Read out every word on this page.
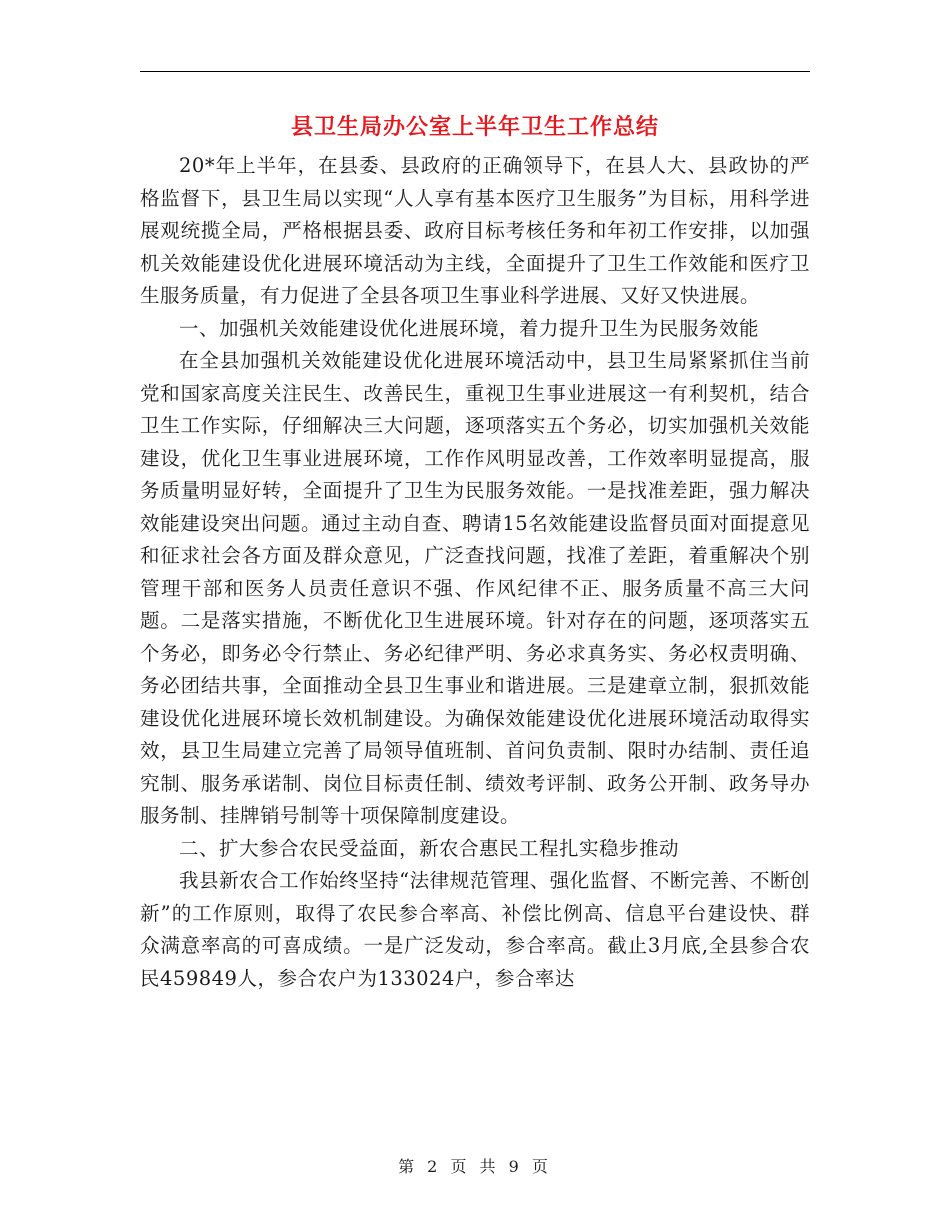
县卫生局办公室上半年卫生工作总结

20*年上半年，在县委、县政府的正确领导下，在县人大、县政协的严格监督下，县卫生局以实现“人人享有基本医疗卫生服务”为目标，用科学进展观统揽全局，严格根据县委、政府目标考核任务和年初工作安排，以加强机关效能建设优化进展环境活动为主线，全面提升了卫生工作效能和医疗卫生服务质量，有力促进了全县各项卫生事业科学进展、又好又快进展。

一、加强机关效能建设优化进展环境，着力提升卫生为民服务效能

在全县加强机关效能建设优化进展环境活动中，县卫生局紧紧抓住当前党和国家高度关注民生、改善民生，重视卫生事业进展这一有利契机，结合卫生工作实际，仔细解决三大问题，逐项落实五个务必，切实加强机关效能建设，优化卫生事业进展环境，工作作风明显改善，工作效率明显提高，服务质量明显好转，全面提升了卫生为民服务效能。一是找准差距，强力解决效能建设突出问题。通过主动自查、聘请15名效能建设监督员面对面提意见和征求社会各方面及群众意见，广泛查找问题，找准了差距，着重解决个别管理干部和医务人员责任意识不强、作风纪律不正、服务质量不高三大问题。二是落实措施，不断优化卫生进展环境。针对存在的问题，逐项落实五个务必，即务必令行禁止、务必纪律严明、务必求真务实、务必权责明确、务必团结共事，全面推动全县卫生事业和谐进展。三是建章立制，狠抓效能建设优化进展环境长效机制建设。为确保效能建设优化进展环境活动取得实效，县卫生局建立完善了局领导值班制、首问负责制、限时办结制、责任追究制、服务承诺制、岗位目标责任制、绩效考评制、政务公开制、政务导办服务制、挂牌销号制等十项保障制度建设。

二、扩大参合农民受益面，新农合惠民工程扎实稳步推动

我县新农合工作始终坚持“法律规范管理、强化监督、不断完善、不断创新”的工作原则，取得了农民参合率高、补偿比例高、信息平台建设快、群众满意率高的可喜成绩。一是广泛发动，参合率高。截止3月底,全县参合农民459849人，参合农户为133024户，参合率达

第 2 页 共 9 页
